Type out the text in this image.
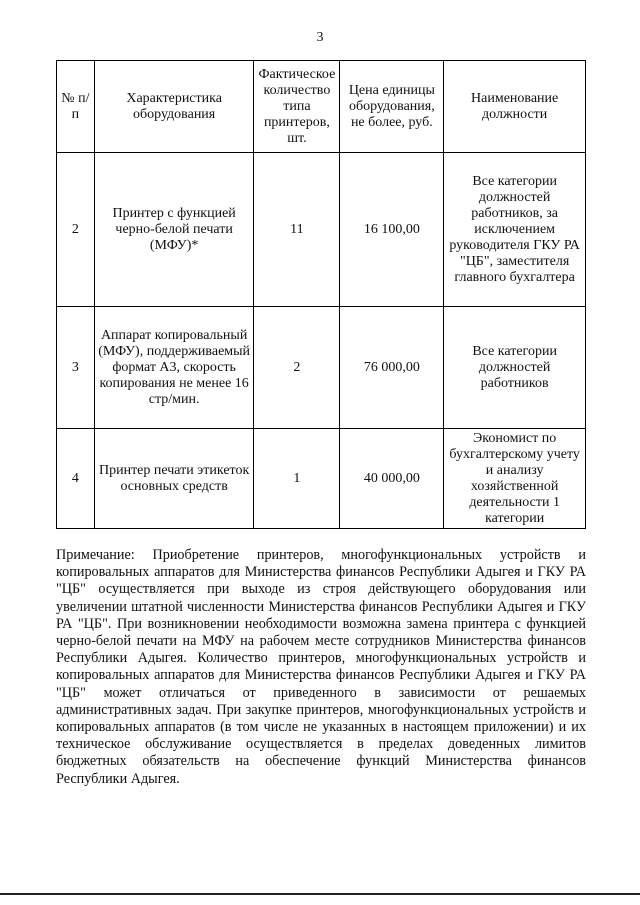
3
№ п/п	Характеристика оборудования	Фактическое количество типа принтеров, шт.	Цена единицы оборудования, не более, руб.	Наименование должности
2	Принтер с функцией черно-белой печати (МФУ)*	11	16 100,00	Все категории должностей работников, за исключением руководителя ГКУ РА "ЦБ", заместителя главного бухгалтера
3	Аппарат копировальный (МФУ), поддерживаемый формат А3, скорость копирования не менее 16 стр/мин.	2	76 000,00	Все категории должностей работников
4	Принтер печати этикеток основных средств	1	40 000,00	Экономист по бухгалтерскому учету и анализу хозяйственной деятельности 1 категории

Примечание: Приобретение принтеров, многофункциональных устройств и копировальных аппаратов для Министерства финансов Республики Адыгея и ГКУ РА "ЦБ" осуществляется при выходе из строя действующего оборудования или увеличении штатной численности Министерства финансов Республики Адыгея и ГКУ РА "ЦБ". При возникновении необходимости возможна замена принтера с функцией черно-белой печати на МФУ на рабочем месте сотрудников Министерства финансов Республики Адыгея. Количество принтеров, многофункциональных устройств и копировальных аппаратов для Министерства финансов Республики Адыгея и ГКУ РА "ЦБ" может отличаться от приведенного в зависимости от решаемых административных задач. При закупке принтеров, многофункциональных устройств и копировальных аппаратов (в том числе не указанных в настоящем приложении) и их техническое обслуживание осуществляется в пределах доведенных лимитов бюджетных обязательств на обеспечение функций Министерства финансов Республики Адыгея.
